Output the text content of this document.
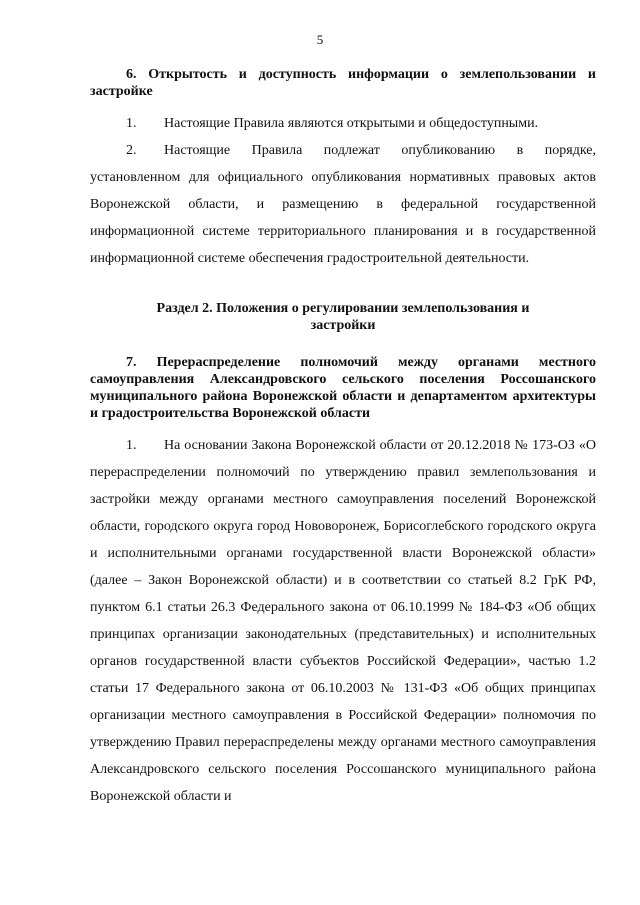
5

6. Открытость и доступность информации о землепользовании и застройке

1. Настоящие Правила являются открытыми и общедоступными.

2. Настоящие Правила подлежат опубликованию в порядке, установленном для официального опубликования нормативных правовых актов Воронежской области, и размещению в федеральной государственной информационной системе территориального планирования и в государственной информационной системе обеспечения градостроительной деятельности.

Раздел 2. Положения о регулировании землепользования и застройки

7. Перераспределение полномочий между органами местного самоуправления Александровского сельского поселения Россошанского муниципального района Воронежской области и департаментом архитектуры и градостроительства Воронежской области

1. На основании Закона Воронежской области от 20.12.2018 № 173-ОЗ «О перераспределении полномочий по утверждению правил землепользования и застройки между органами местного самоуправления поселений Воронежской области, городского округа город Нововоронеж, Борисоглебского городского округа и исполнительными органами государственной власти Воронежской области» (далее – Закон Воронежской области) и в соответствии со статьей 8.2 ГрК РФ, пунктом 6.1 статьи 26.3 Федерального закона от 06.10.1999 № 184-ФЗ «Об общих принципах организации законодательных (представительных) и исполнительных органов государственной власти субъектов Российской Федерации», частью 1.2 статьи 17 Федерального закона от 06.10.2003 № 131-ФЗ «Об общих принципах организации местного самоуправления в Российской Федерации» полномочия по утверждению Правил перераспределены между органами местного самоуправления Александровского сельского поселения Россошанского муниципального района Воронежской области и
